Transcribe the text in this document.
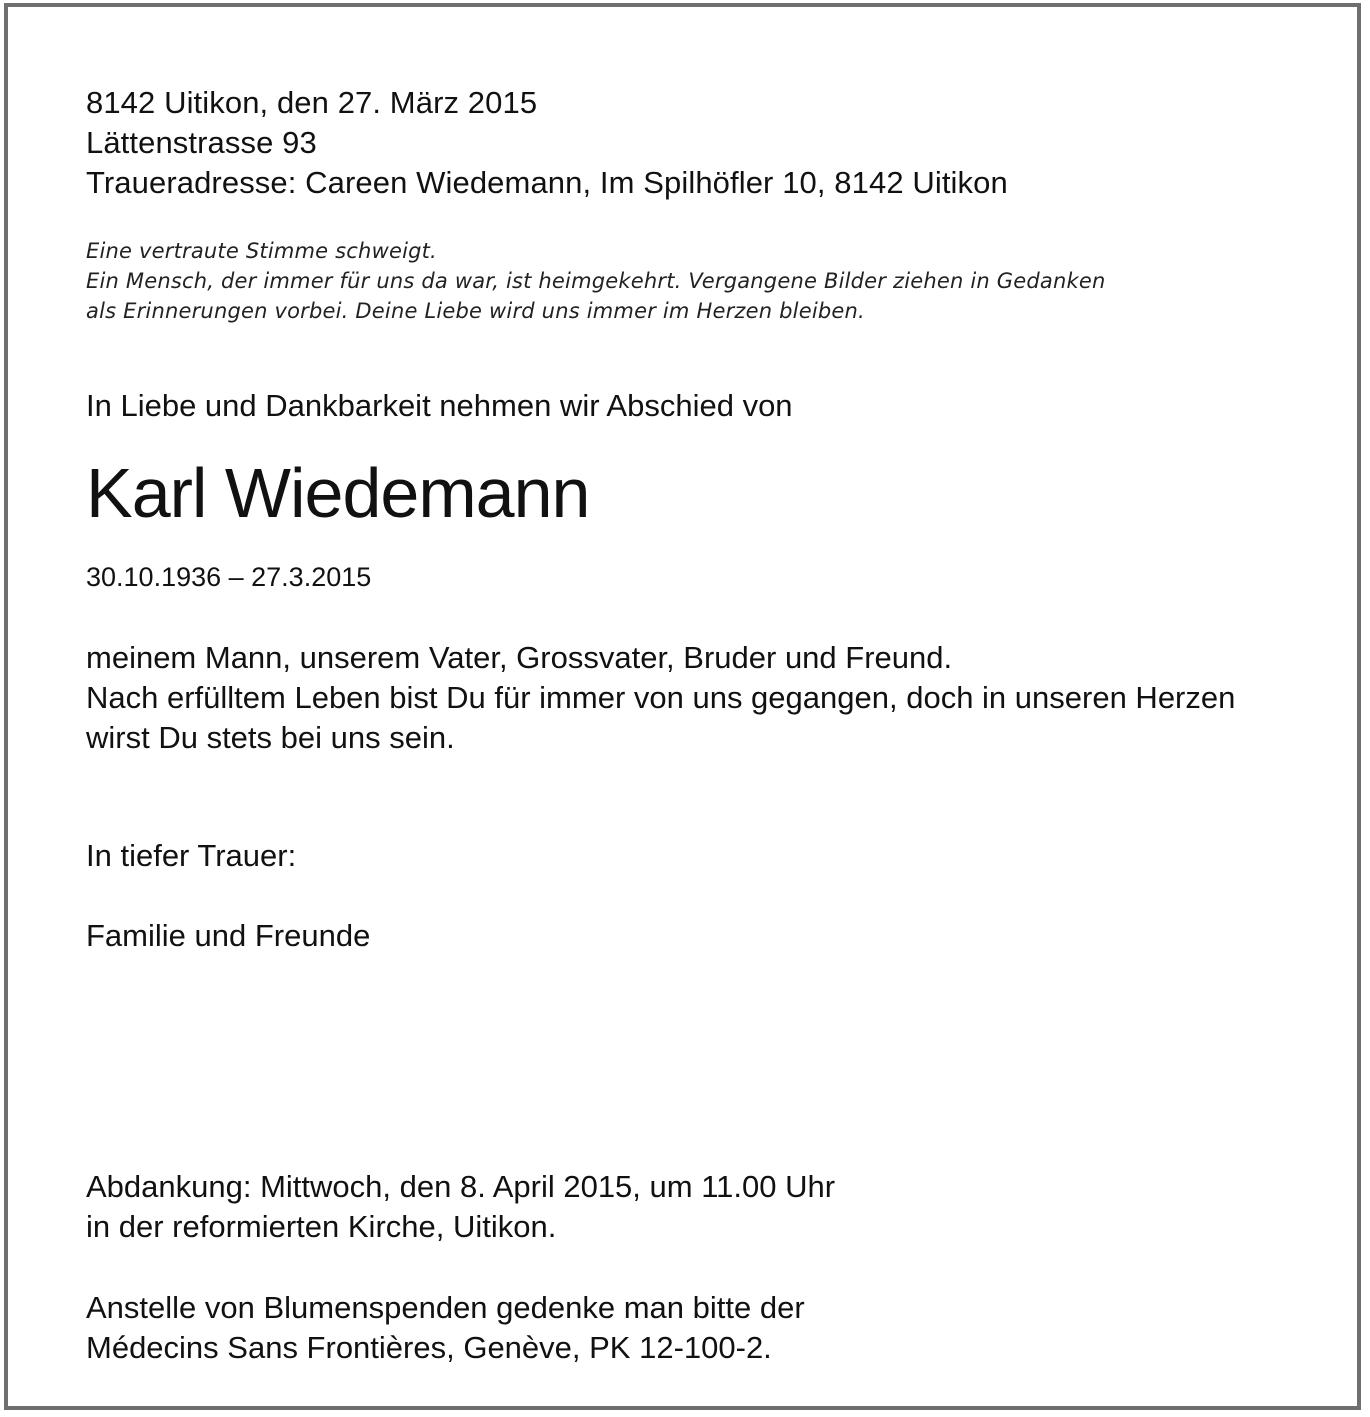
8142 Uitikon, den 27. März 2015
Lättenstrasse 93
Traueradresse: Careen Wiedemann, Im Spilhöfler 10, 8142 Uitikon
Eine vertraute Stimme schweigt.
Ein Mensch, der immer für uns da war, ist heimgekehrt. Vergangene Bilder ziehen in Gedanken
als Erinnerungen vorbei. Deine Liebe wird uns immer im Herzen bleiben.
In Liebe und Dankbarkeit nehmen wir Abschied von
Karl Wiedemann
30.10.1936 – 27.3.2015
meinem Mann, unserem Vater, Grossvater, Bruder und Freund.
Nach erfülltem Leben bist Du für immer von uns gegangen, doch in unseren Herzen
wirst Du stets bei uns sein.
In tiefer Trauer:
Familie und Freunde
Abdankung: Mittwoch, den 8. April 2015, um 11.00 Uhr
in der reformierten Kirche, Uitikon.
Anstelle von Blumenspenden gedenke man bitte der
Médecins Sans Frontières, Genève, PK 12-100-2.
